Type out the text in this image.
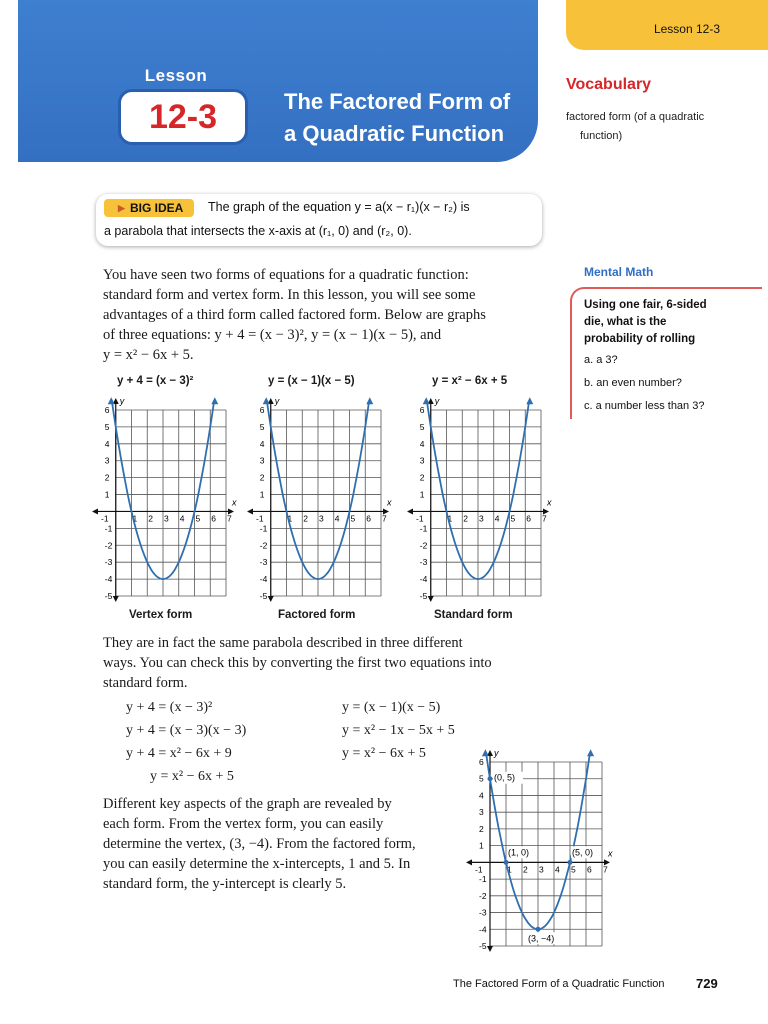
Lesson 12-3
Lesson
12-3	The Factored Form of
a Quadratic Function
Vocabulary
factored form (of a quadratic
function)
▶ BIG IDEA The graph of the equation y = a(x − r₁)(x − r₂) is
a parabola that intersects the x-axis at (r₁, 0) and (r₂, 0).
Mental Math
Using one fair, 6-sided
die, what is the
probability of rolling
a. a 3?
b. an even number?
c. a number less than 3?
You have seen two forms of equations for a quadratic function:
standard form and vertex form. In this lesson, you will see some
advantages of a third form called factored form. Below are graphs
of three equations: y + 4 = (x − 3)², y = (x − 1)(x − 5), and
y = x² − 6x + 5.
y + 4 = (x − 3)²	y = (x − 1)(x − 5)	y = x² − 6x + 5
x
y
-1	1 2 3 4 5 6 7
-5
-4
-3
-2
-1
1
2
3
4
5
6
x
y
-1	1 2 3 4 5 6 7
-5
-4
-3
-2
-1
1
2
3
4
5
6
x
y
-1	1 2 3 4 5 6 7
-5
-4
-3
-2
-1
1
2
3
4
5
6
Vertex form	Factored form	Standard form
They are in fact the same parabola described in three different
ways. You can check this by converting the first two equations into
standard form.
y + 4 = (x − 3)²
y + 4 = (x − 3)(x − 3)
y + 4 = x² − 6x + 9
y = x² − 6x + 5
y = (x − 1)(x − 5)
y = x² − 1x − 5x + 5
y = x² − 6x + 5
Different key aspects of the graph are revealed by
each form. From the vertex form, you can easily
determine the vertex, (3, −4). From the factored form,
you can easily determine the x-intercepts, 1 and 5. In
standard form, the y-intercept is clearly 5.
x
y
-1	1 2 3 4 5 6 7
-5
-4
-3
-2
-1
1
2
3
4
5
6
(0, 5)
(1, 0)	(5, 0)
(3, −4)
The Factored Form of a Quadratic Function 729
